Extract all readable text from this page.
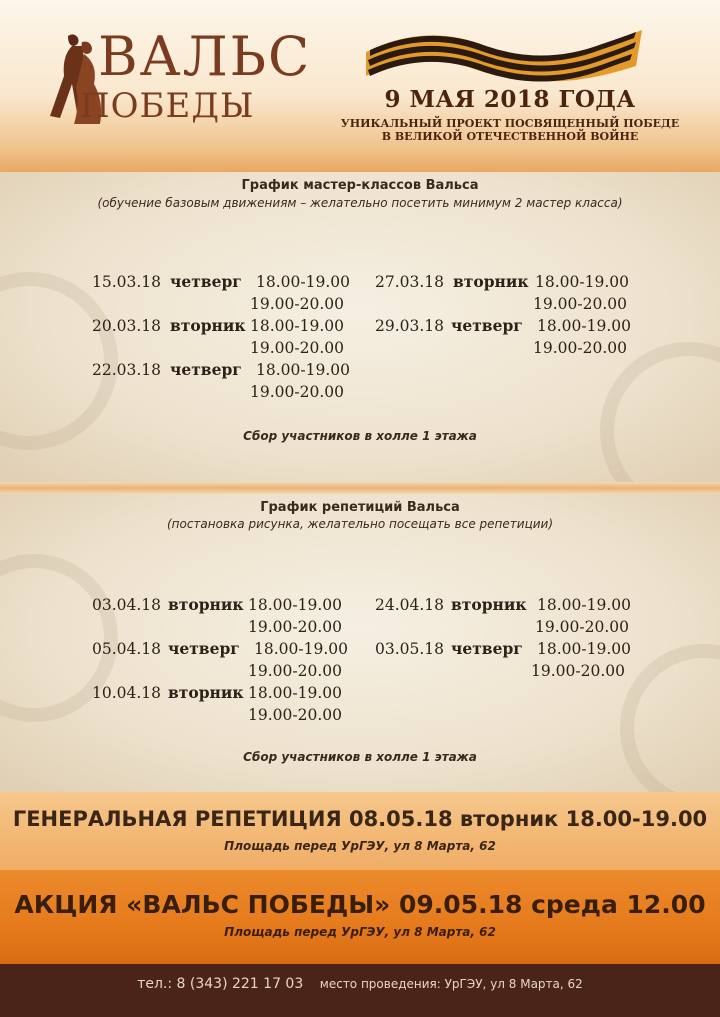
ВАЛЬС
ПОБЕДЫ	9 МАЯ 2018 ГОДА
УНИКАЛЬНЫЙ ПРОЕКТ ПОСВЯЩЕННЫЙ ПОБЕДЕ
В ВЕЛИКОЙ ОТЕЧЕСТВЕННОЙ ВОЙНЕ
График мастер-классов Вальса
(обучение базовым движениям – желательно посетить минимум 2 мастер класса)
15.03.18 четверг 18.00-19.00
19.00-20.00
20.03.18 вторник 18.00-19.00
19.00-20.00
22.03.18 четверг 18.00-19.00
19.00-20.00
27.03.18 вторник 18.00-19.00
19.00-20.00
29.03.18 четверг 18.00-19.00
19.00-20.00
Сбор участников в холле 1 этажа
График репетиций Вальса
(постановка рисунка, желательно посещать все репетиции)
03.04.18 вторник 18.00-19.00
19.00-20.00
05.04.18 четверг 18.00-19.00
19.00-20.00
10.04.18 вторник 18.00-19.00
19.00-20.00
24.04.18 вторник 18.00-19.00
19.00-20.00
03.05.18 четверг 18.00-19.00
19.00-20.00
Сбор участников в холле 1 этажа
ГЕНЕРАЛЬНАЯ РЕПЕТИЦИЯ 08.05.18 вторник 18.00-19.00
Площадь перед УрГЭУ, ул 8 Марта, 62
АКЦИЯ «ВАЛЬС ПОБЕДЫ» 09.05.18 среда 12.00
Площадь перед УрГЭУ, ул 8 Марта, 62
тел.: 8 (343) 221 17 03 место проведения: УрГЭУ, ул 8 Марта, 62
